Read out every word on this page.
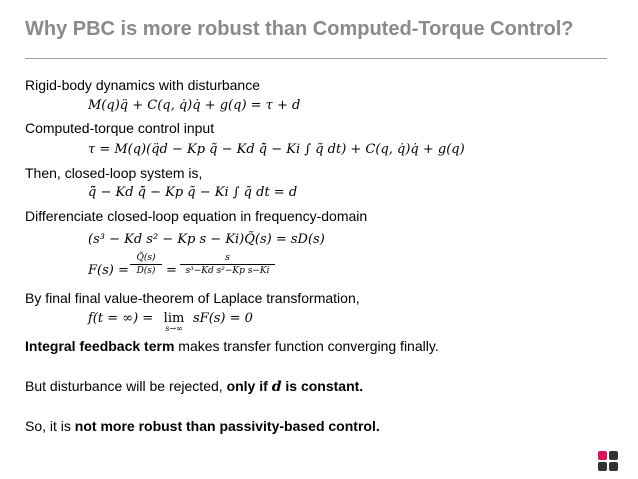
Why PBC is more robust than Computed-Torque Control?
Rigid-body dynamics with disturbance
M(q)q̈ + C(q, q̇)q̇ + g(q) = τ + d
Computed-torque control input
τ = M(q)(q̈d − Kp q̃ − Kd q̃̇ − Ki ∫ q̃ dt) + C(q, q̇)q̇ + g(q)
Then, closed-loop system is,
q̃̈ − Kd q̃̇ − Kp q̃ − Ki ∫ q̃ dt = d
Differenciate closed-loop equation in frequency-domain
(s³ − Kd s² − Kp s − Ki)Q̃(s) = sD(s)
F(s) =
Q̃(s)
D(s) =
s
s³−Kd s²−Kp s−Ki
By final final value-theorem of Laplace transformation,
f(t = ∞) = lim
s→∞
sF(s) = 0
Integral feedback term makes transfer function converging finally.
But disturbance will be rejected, only if d is constant.
So, it is not more robust than passivity-based control.
